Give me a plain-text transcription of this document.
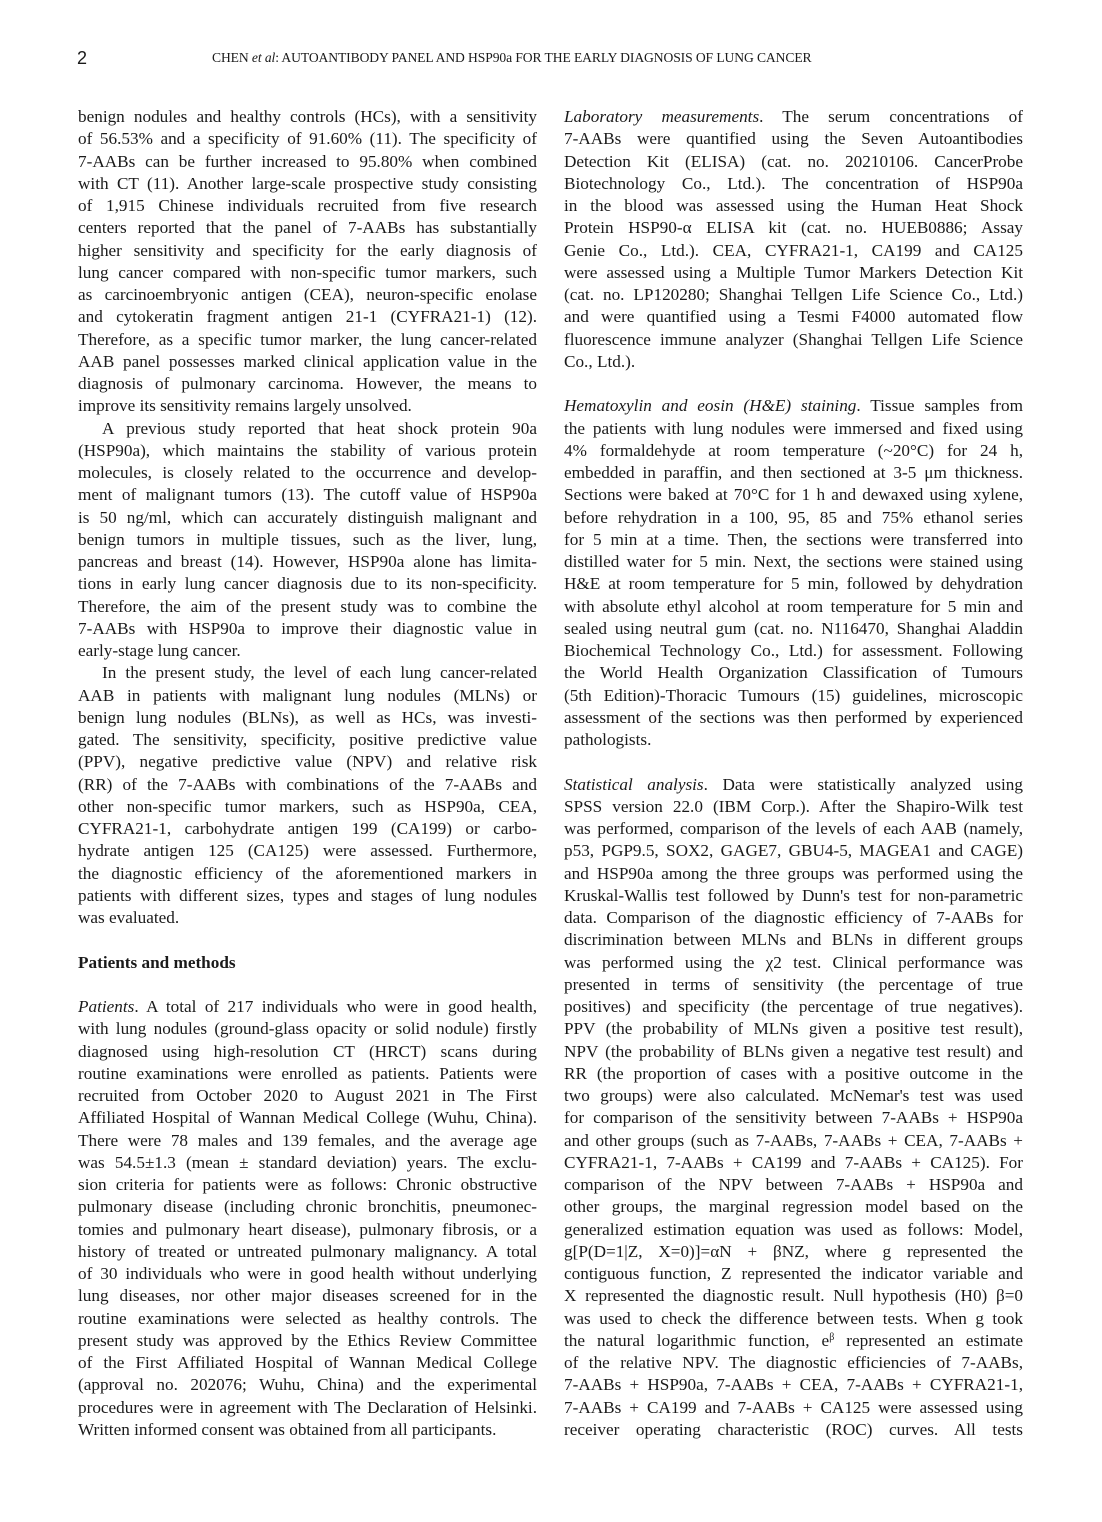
2	CHEN et al: AUTOANTIBODY PANEL AND HSP90a FOR THE EARLY DIAGNOSIS OF LUNG CANCER
benign nodules and healthy controls (HCs), with a sensitivity
of 56.53% and a specificity of 91.60% (11). The specificity of
7-AABs can be further increased to 95.80% when combined
with CT (11). Another large-scale prospective study consisting
of 1,915 Chinese individuals recruited from five research
centers reported that the panel of 7-AABs has substantially
higher sensitivity and specificity for the early diagnosis of
lung cancer compared with non-specific tumor markers, such
as carcinoembryonic antigen (CEA), neuron-specific enolase
and cytokeratin fragment antigen 21-1 (CYFRA21-1) (12).
Therefore, as a specific tumor marker, the lung cancer-related
AAB panel possesses marked clinical application value in the
diagnosis of pulmonary carcinoma. However, the means to
improve its sensitivity remains largely unsolved.
A previous study reported that heat shock protein 90a
(HSP90a), which maintains the stability of various protein
molecules, is closely related to the occurrence and develop-
ment of malignant tumors (13). The cutoff value of HSP90a
is 50 ng/ml, which can accurately distinguish malignant and
benign tumors in multiple tissues, such as the liver, lung,
pancreas and breast (14). However, HSP90a alone has limita-
tions in early lung cancer diagnosis due to its non-specificity.
Therefore, the aim of the present study was to combine the
7-AABs with HSP90a to improve their diagnostic value in
early-stage lung cancer.
In the present study, the level of each lung cancer-related
AAB in patients with malignant lung nodules (MLNs) or
benign lung nodules (BLNs), as well as HCs, was investi-
gated. The sensitivity, specificity, positive predictive value
(PPV), negative predictive value (NPV) and relative risk
(RR) of the 7-AABs with combinations of the 7-AABs and
other non-specific tumor markers, such as HSP90a, CEA,
CYFRA21-1, carbohydrate antigen 199 (CA199) or carbo-
hydrate antigen 125 (CA125) were assessed. Furthermore,
the diagnostic efficiency of the aforementioned markers in
patients with different sizes, types and stages of lung nodules
was evaluated.
Patients and methods
Patients. A total of 217 individuals who were in good health,
with lung nodules (ground-glass opacity or solid nodule) firstly
diagnosed using high-resolution CT (HRCT) scans during
routine examinations were enrolled as patients. Patients were
recruited from October 2020 to August 2021 in The First
Affiliated Hospital of Wannan Medical College (Wuhu, China).
There were 78 males and 139 females, and the average age
was 54.5±1.3 (mean ± standard deviation) years. The exclu-
sion criteria for patients were as follows: Chronic obstructive
pulmonary disease (including chronic bronchitis, pneumonec-
tomies and pulmonary heart disease), pulmonary fibrosis, or a
history of treated or untreated pulmonary malignancy. A total
of 30 individuals who were in good health without underlying
lung diseases, nor other major diseases screened for in the
routine examinations were selected as healthy controls. The
present study was approved by the Ethics Review Committee
of the First Affiliated Hospital of Wannan Medical College
(approval no. 202076; Wuhu, China) and the experimental
procedures were in agreement with The Declaration of Helsinki.
Written informed consent was obtained from all participants.
Laboratory measurements. The serum concentrations of
7-AABs were quantified using the Seven Autoantibodies
Detection Kit (ELISA) (cat. no. 20210106. CancerProbe
Biotechnology Co., Ltd.). The concentration of HSP90a
in the blood was assessed using the Human Heat Shock
Protein HSP90-α ELISA kit (cat. no. HUEB0886; Assay
Genie Co., Ltd.). CEA, CYFRA21-1, CA199 and CA125
were assessed using a Multiple Tumor Markers Detection Kit
(cat. no. LP120280; Shanghai Tellgen Life Science Co., Ltd.)
and were quantified using a Tesmi F4000 automated flow
fluorescence immune analyzer (Shanghai Tellgen Life Science
Co., Ltd.).
Hematoxylin and eosin (H&E) staining. Tissue samples from
the patients with lung nodules were immersed and fixed using
4% formaldehyde at room temperature (~20°C) for 24 h,
embedded in paraffin, and then sectioned at 3-5 μm thickness.
Sections were baked at 70°C for 1 h and dewaxed using xylene,
before rehydration in a 100, 95, 85 and 75% ethanol series
for 5 min at a time. Then, the sections were transferred into
distilled water for 5 min. Next, the sections were stained using
H&E at room temperature for 5 min, followed by dehydration
with absolute ethyl alcohol at room temperature for 5 min and
sealed using neutral gum (cat. no. N116470, Shanghai Aladdin
Biochemical Technology Co., Ltd.) for assessment. Following
the World Health Organization Classification of Tumours
(5th Edition)-Thoracic Tumours (15) guidelines, microscopic
assessment of the sections was then performed by experienced
pathologists.
Statistical analysis. Data were statistically analyzed using
SPSS version 22.0 (IBM Corp.). After the Shapiro-Wilk test
was performed, comparison of the levels of each AAB (namely,
p53, PGP9.5, SOX2, GAGE7, GBU4-5, MAGEA1 and CAGE)
and HSP90a among the three groups was performed using the
Kruskal-Wallis test followed by Dunn's test for non-parametric
data. Comparison of the diagnostic efficiency of 7-AABs for
discrimination between MLNs and BLNs in different groups
was performed using the χ2 test. Clinical performance was
presented in terms of sensitivity (the percentage of true
positives) and specificity (the percentage of true negatives).
PPV (the probability of MLNs given a positive test result),
NPV (the probability of BLNs given a negative test result) and
RR (the proportion of cases with a positive outcome in the
two groups) were also calculated. McNemar's test was used
for comparison of the sensitivity between 7-AABs + HSP90a
and other groups (such as 7-AABs, 7-AABs + CEA, 7-AABs +
CYFRA21-1, 7-AABs + CA199 and 7-AABs + CA125). For
comparison of the NPV between 7-AABs + HSP90a and
other groups, the marginal regression model based on the
generalized estimation equation was used as follows: Model,
g[P(D=1|Z, X=0)]=αN + βNZ, where g represented the
contiguous function, Z represented the indicator variable and
X represented the diagnostic result. Null hypothesis (H0) β=0
was used to check the difference between tests. When g took
the natural logarithmic function, $e^\beta$ represented an estimate
of the relative NPV. The diagnostic efficiencies of 7-AABs,
7-AABs + HSP90a, 7-AABs + CEA, 7-AABs + CYFRA21-1,
7-AABs + CA199 and 7-AABs + CA125 were assessed using
receiver operating characteristic (ROC) curves. All tests
